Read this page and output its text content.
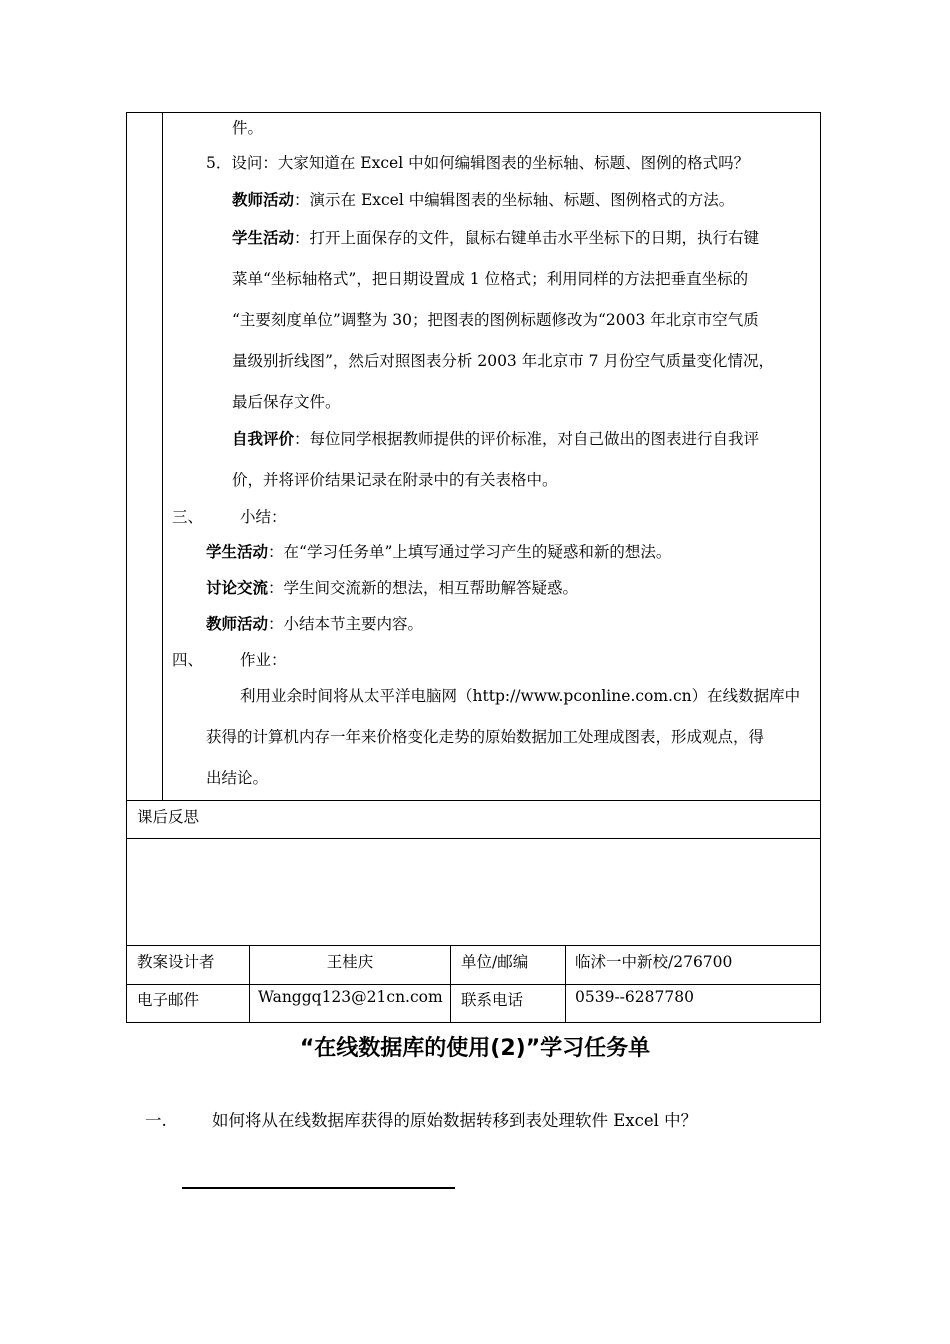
件。
5．设问：大家知道在 Excel 中如何编辑图表的坐标轴、标题、图例的格式吗？
教师活动：演示在 Excel 中编辑图表的坐标轴、标题、图例格式的方法。
学生活动：打开上面保存的文件，鼠标右键单击水平坐标下的日期，执行右键
菜单“坐标轴格式”，把日期设置成 1 位格式；利用同样的方法把垂直坐标的
“主要刻度单位”调整为 30；把图表的图例标题修改为“2003 年北京市空气质
量级别折线图”，然后对照图表分析 2003 年北京市 7 月份空气质量变化情况，
最后保存文件。
自我评价：每位同学根据教师提供的评价标准，对自己做出的图表进行自我评
价，并将评价结果记录在附录中的有关表格中。
三、 小结：
学生活动：在“学习任务单”上填写通过学习产生的疑惑和新的想法。
讨论交流：学生间交流新的想法，相互帮助解答疑惑。
教师活动：小结本节主要内容。
四、 作业：
利用业余时间将从太平洋电脑网（http://www.pconline.com.cn）在线数据库中
获得的计算机内存一年来价格变化走势的原始数据加工处理成图表，形成观点，得
出结论。
课后反思
教案设计者	王桂庆	单位/邮编	临沭一中新校/276700
电子邮件	Wanggq123@21cn.com 联系电话	0539--6287780
“在线数据库的使用(2)”学习任务单
一.	如何将从在线数据库获得的原始数据转移到表处理软件 Excel 中？
